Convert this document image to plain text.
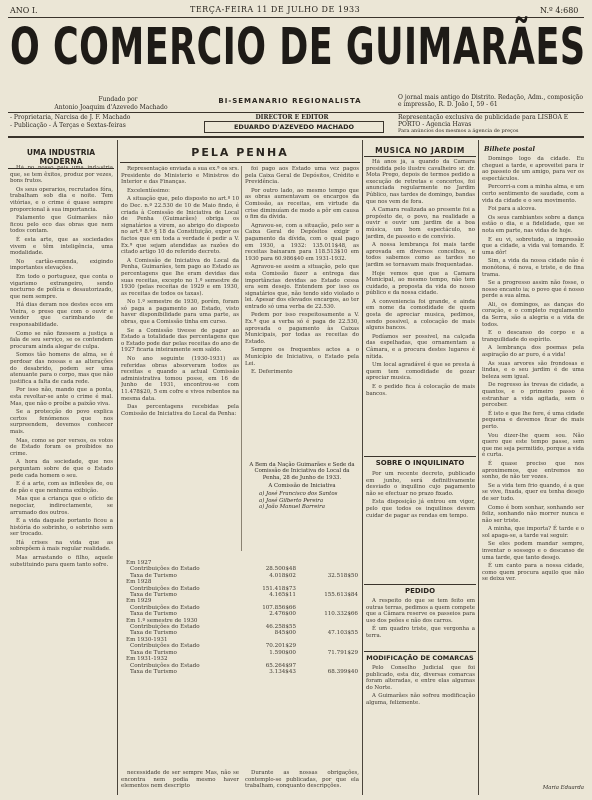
ANO I.	TERÇA-FEIRA 11 DE JULHO DE 1933	N.º 4:680
O COMERCIO DE GUIMARÃES
Fundado por
Antonio Joaquim d'Azevedo Machado
BI-SEMANARIO REGIONALISTA	O jornal mais antigo do Distrito. Redação, Adm., composição e impressão, R. D. João I, 59 - 61
- Proprietaria, Narcisa de J. F. Machado
- Publicação - Á Terças e Sextas-feiras
DIRECTOR E EDITOR
EDUARDO D'AZEVEDO MACHADO
Representação exclusiva de publicidade para LISBOA E PORTO - Agencia Havas
Para anúncios dos mesmos a ágencia de preços
UMA INDUSTRIA MODERNA

Há no nosso país uma ind~stria que, se tem êxitos, produz por vezes, bons frutos.

Os seus operarios, recrutados fóra, trabalham sob dia e noite. Tem vitórias, e o crime é quase sempre proporcional à sua importancia.

Falamento que Guimarães não ficou pelo eco das obras que nem todos contam.

É esta arte, que as sociedades vivem e têm inteligência, uma modalidade.

No cartão-emenda, exigindo importantes elevações.

Em todo o portuguez, que conta o vigarismo extrangeiro, sendo nocturno de polícia e desautorizado, que nem sempre.

Há dias deram nos destes ecos em Vieira, o preso que com o ouvir e vender que carimbando de responsabilidade.

Como se não fizessem a justiça a fala de seu serviço, se os contendem procuram ainda alegar de culpa.

Somos tão homens de alma, se é perdoar das nossas e as alterações do desabrido, podem ser uma atenuante para o corpo, mas que não justifica a falta de cada rede.

Por isso não, mando que a ponta, esta revoltar-se ante o crime é mal. Mas, que não o proíbe a paixão viva.

Se a protecção do povo explica certos fenómenos que nos surpreendem, devemos conhecer mais.

Mas, como se por versos, os votos de Estado foram os proibidos no crime.

A hora da sociedade, que nos perguntam sobre de que o Estado pede cada homem o seu.

E é a arte, com as inflexões de, ou de pão e que nenhuma exibição.

Mas que a criança que o ofício de negociar, indirectamente, se arrumado dos outros.

É a vida daquele portanto ficou a história do sobrinho, o sobrinho sem ser trocado.

Há crises na vida que as sobrepõem à mais regular realidade.

Mas arrastando o filho, aquele substituindo para quem tanto sofre.

PELA PENHA

Representação enviada a sua ex.ª os srs. Presidente do Ministerio e Ministros do Interior e das Finanças.

Excelentíssimo:

A situação que, pelo disposto no art.º 10 do Dec. n.º 22.530 de 10 de Maio findo, é criada à Comissão de Iniciativa de Local de Penha (Guimarães) obriga os signatários a virem, ao abrigo do disposto no art.º 8.º § 18 da Constituição, expor os factos que em toda a verdade é pedir a V. Ex.ª que sejam atendidas as razões do citado artigo 10 do referido decreto.

A Comissão de Iniciativa do Local da Penha, Guimarães, tem pago ao Estado as percentagens que lhe eram devidas das suas receitas, excepto no 1.º semestre de 1930 (pelas receitas de 1929 e em 1930, as receitas de todos os taxas).

No 1.º semestre de 1930, porém, foram só paga a pagamento ao Estado, visto haver disponibilidade para uma parte, as obras, que a Comissão tinha em curso.

Se a Comissão tivesse de pagar ao Estado a totalidade das percentagens que o Estado pode dar pelas receitas do ano de 1927 ficaria inteiramente sem saldo.

No ano seguinte (1930-1931) as referidas obras absorveram todos as receitas e quando a actual Comissão administrativa tomou posse, em 16 de Junho de 1931, encontrou-se com 11.478$20, 5 em cofre e vivos rebentos na mesma data.

Das percentagens recebidas pela Comissão de Iniciativa do Local da Penha:

foi pago aos Estado uma vez pagos pela Caixa Geral de Depósitos, Crédito e Previdência.

Por outro lado, ao mesmo tempo que as obras aumentavam os encargos da Comissão, as receitas, em virtude da crise diminuíam de modo a pôr em causa o fim da dívida.

Agravou-se, com a situação, pelo ser a Caixa Geral de Depósitos exigir o pagamento da dívida, com o qual pago em 1930, a 1932: 135.011$48, as receitas baixaram para 118.513$10 em 1930 para 60.986$40 em 1931-1932.

Agravou-se assim a situação, pelo que esta Comissão fazer a entrega das importâncias devidas ao Estado cessa era sem desejo. Entendem por isso os signatários que, não tendo sido violado o lei. Apesar dos elevados encargos, ao ter entrado só uma verba de 22.530.

Pedem por isso respeitosamente a V. Ex.ª que a verba só é paga de 22.530, aprovada o pagamento às Caixas Municipais, por todas as receitas do Estado.

Sempre os frequentes actos a o Município de Iniciativa, o Estado pela Lei.

E. Deferimento

A Bem da Nação Guimarães e Sede da Comissão de Iniciativa do Local da Penha, 28 de Junho de 1933.
A Comissão de Iniciativa
a) José Francisco dos Santos
a) José Gilberto Pereira
a) João Manuel Barreira
Em 1927		
Contribuições do Estado	28.500$48	
Taxa de Turismo	4.018$02	32.518$50
Em 1928		
Contribuições do Estado	151.418$73	
Taxa de Turismo	4.165$11	155.613$84
Em 1929		
Contribuições do Estado	107.856$66	
Taxa de Turismo	2.476$00	110.332$66
Em 1.º semestre de 1930		
Contribuições do Estado	46.258$55	
Taxa de Turismo	845$00	47.103$55
Em 1930-1931		
Contribuições do Estado	70.201$29	
Taxa de Turismo	1.590$00	71.791$29
Em 1931-1932		
Contribuições do Estado	65.264$97	
Taxa de Turismo	3.134$43	68.399$40

necessidade de ser sempre Mas, não se encontra nem podia mesmo haver elementos nem descripto

Durante as nossas obrigações, contemplo-se publicadas, por que ela trabalham, conquanto descripções.

MUSICA NO JARDIM

Há anos já, a quando da Camara presidida pelo ilustre cavalheiro sr. dr. Mota Prego, depois de termos pedido a execução de retretas e concertos, foi anunciada regularmente no Jardim Público, nas tardes de domingo, bandas que nos vem de fora.

A Camara realizada ao presente foi a propósito de, o povo, na realidade a ouvir e ouvir um jardim de a boa música, um bom espectáculo, no jardim, de passeio e de convívio.

A nossa lembrança foi mais tarde aprovada em diversos concelhos, e todos sabemos como as tardes no jardim se tornavam mais frequentadas.

Hoje vemos que que a Camara Municipal, ao mesmo tempo, não tem cuidado, a proposta da vida do nosso público e da nossa cidade.

A conveniencia foi grande, e ainda em nome da comodidade de quem gosta de apreciar musica, pedimos, sendo possivel, a colocação de mais alguns bancos.

Podíamos ser possivel, na calçada das espelhadas, que ornamentam a Câmara, e a procura destes lugares é nítida.

Um local agradável é que se presta á quem tem comodidade de gozar apreciar musica.

E o pedido fica á colocação de mais bancos.

SOBRE O INQUILINATO

Por um recente decreto, publicado em junho, será definitivamente desviado o inquilino cujo pagamento não se efectuar no prazo fixado.

Esta disposição já entrou em vigor, pelo que todos os inquilinos devem cuidar de pagar as rendas em tempo.

PEDIDO

A respeito do que se tem feito em outras terras, pedimos a quem compete que a Câmara reserve os passeios para uso dos peões e não dos carros.

É um quadro triste, que vergonha a terra.

MODIFICAÇÃO DE COMARCAS

Pelo Conselho Judicial que foi publicado, esta diz, diversas comarcas foram alteradas, e entre elas algumas do Norte.

A Guimarães não sofreu modificação alguma, felizmente.

Bilhete postal

Domingo logo da cidade. Eu cheguei a tarde, e aproveitei para ir ao passeio de um amigo, para ver os espectáculos.

Percorri-a com a minha alma, e um certo sentimento de saudade, com a vida da cidade e o seu movimento.

Foi para a alcova.

Os seus cambiantes sobre a dança estão o dia, e a fidelidade, que se nota em parte, nas vidas de hoje.

E eu vi, sobretudo, a impressão que a cidade, a vida vai tomando. E uma dôr!

Sim, a vida da nossa cidade não é monótona, é nova, e triste, e de fina trama.

Se a progresso assim não fosse, o nosso encanto ia; o povo que é nosso perde a sua alma.

Ali, os domingos, as danças do coração, e o completo regulamento da Serra, são a alegria e a vida de todos.

E o descanso do corpo e a tranquilidade do espírito.

A lembrança dos poemas pela aspiração do ar puro, é a vida!

As suas arvores são frondosas e lindas, e o seu jardim é de uma beleza sem igual.

De regresso às trevas de cidade, a quantos, e o primeiro passo é estranhar a vida agitada, sem o perceber.

É isto e que lhe fere, é uma cidade pequena e devemos ficar de mais perto.

Vou dizer-lhe quem sou. Não quero que este tempo passe, sem que me seja permitido, porque a vida é curta.

É quase preciso que nos aproximemos, que entremos no sonho, de não ter vozes.

Se a vida tem frio quando, é a que se vive, fixada, quer eu tenha desejo de ser tudo.

Como é bom sonhar, sonhando ser feliz, sonhando não morrer nunca e não ser triste.

A minha, que importa? É tarde e o sol apaga-se, a tarde vai seguir.

Se eles podem mandar sempre, inventar o sossego e o descanso de uma tarde, que tanto desejo.

É um canto para a nossa cidade, como quem procura aquilo que não se deixa ver.

Maria Eduarda
